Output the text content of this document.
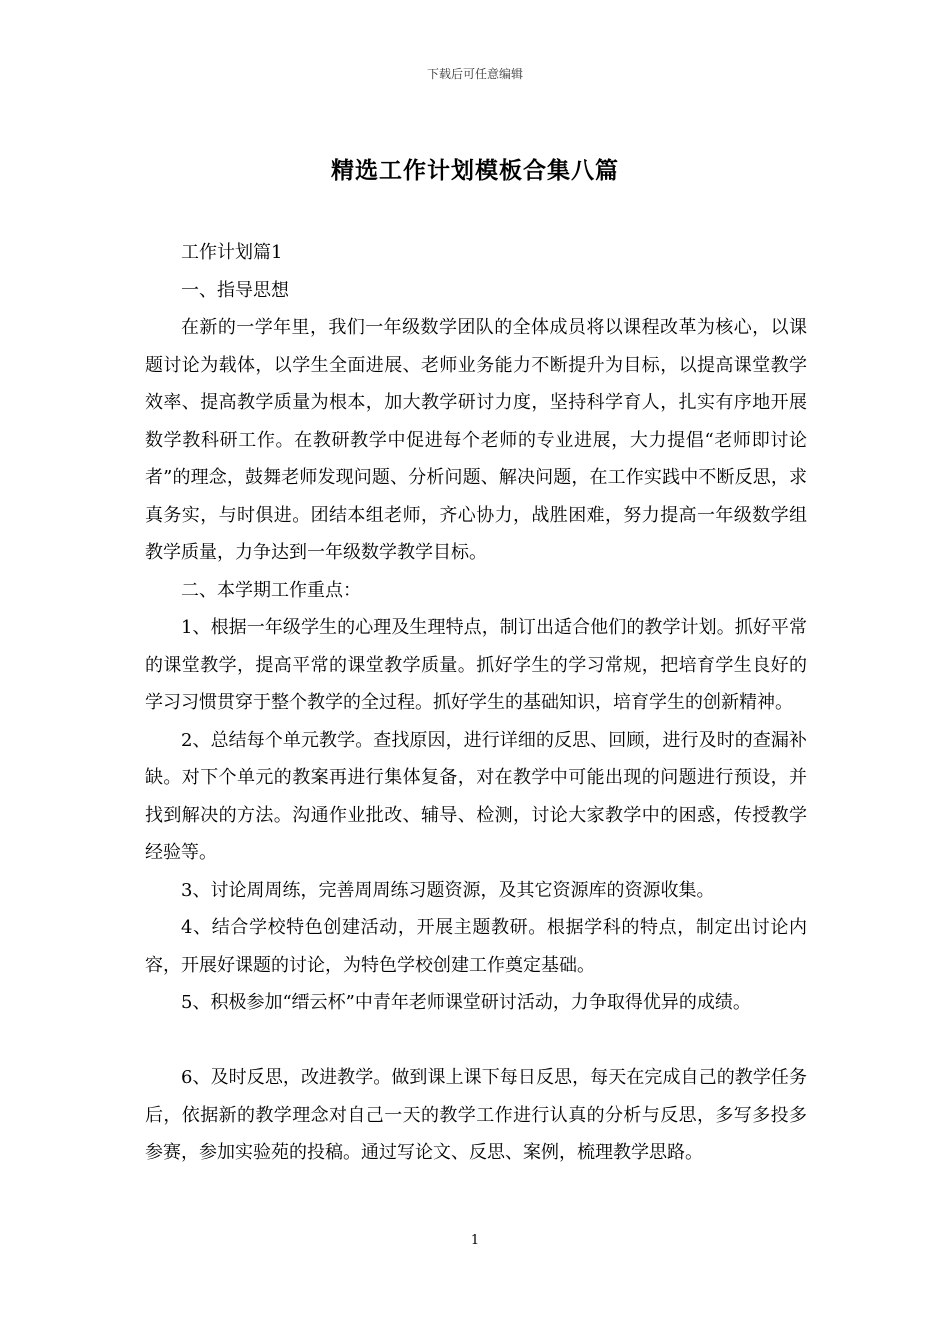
下载后可任意编辑
精选工作计划模板合集八篇

工作计划篇1

一、指导思想

在新的一学年里，我们一年级数学团队的全体成员将以课程改革为核心，以课题讨论为载体，以学生全面进展、老师业务能力不断提升为目标，以提高课堂教学效率、提高教学质量为根本，加大教学研讨力度，坚持科学育人，扎实有序地开展数学教科研工作。在教研教学中促进每个老师的专业进展，大力提倡“老师即讨论者”的理念，鼓舞老师发现问题、分析问题、解决问题，在工作实践中不断反思，求真务实，与时俱进。团结本组老师，齐心协力，战胜困难，努力提高一年级数学组教学质量，力争达到一年级数学教学目标。

二、本学期工作重点：

1、根据一年级学生的心理及生理特点，制订出适合他们的教学计划。抓好平常的课堂教学，提高平常的课堂教学质量。抓好学生的学习常规，把培育学生良好的学习习惯贯穿于整个教学的全过程。抓好学生的基础知识，培育学生的创新精神。

2、总结每个单元教学。查找原因，进行详细的反思、回顾，进行及时的查漏补缺。对下个单元的教案再进行集体复备，对在教学中可能出现的问题进行预设，并找到解决的方法。沟通作业批改、辅导、检测，讨论大家教学中的困惑，传授教学经验等。

3、讨论周周练，完善周周练习题资源，及其它资源库的资源收集。

4、结合学校特色创建活动，开展主题教研。根据学科的特点，制定出讨论内容，开展好课题的讨论，为特色学校创建工作奠定基础。

5、积极参加“缙云杯”中青年老师课堂研讨活动，力争取得优异的成绩。

6、及时反思，改进教学。做到课上课下每日反思，每天在完成自己的教学任务后，依据新的教学理念对自己一天的教学工作进行认真的分析与反思，多写多投多参赛，参加实验苑的投稿。通过写论文、反思、案例，梳理教学思路。

1
